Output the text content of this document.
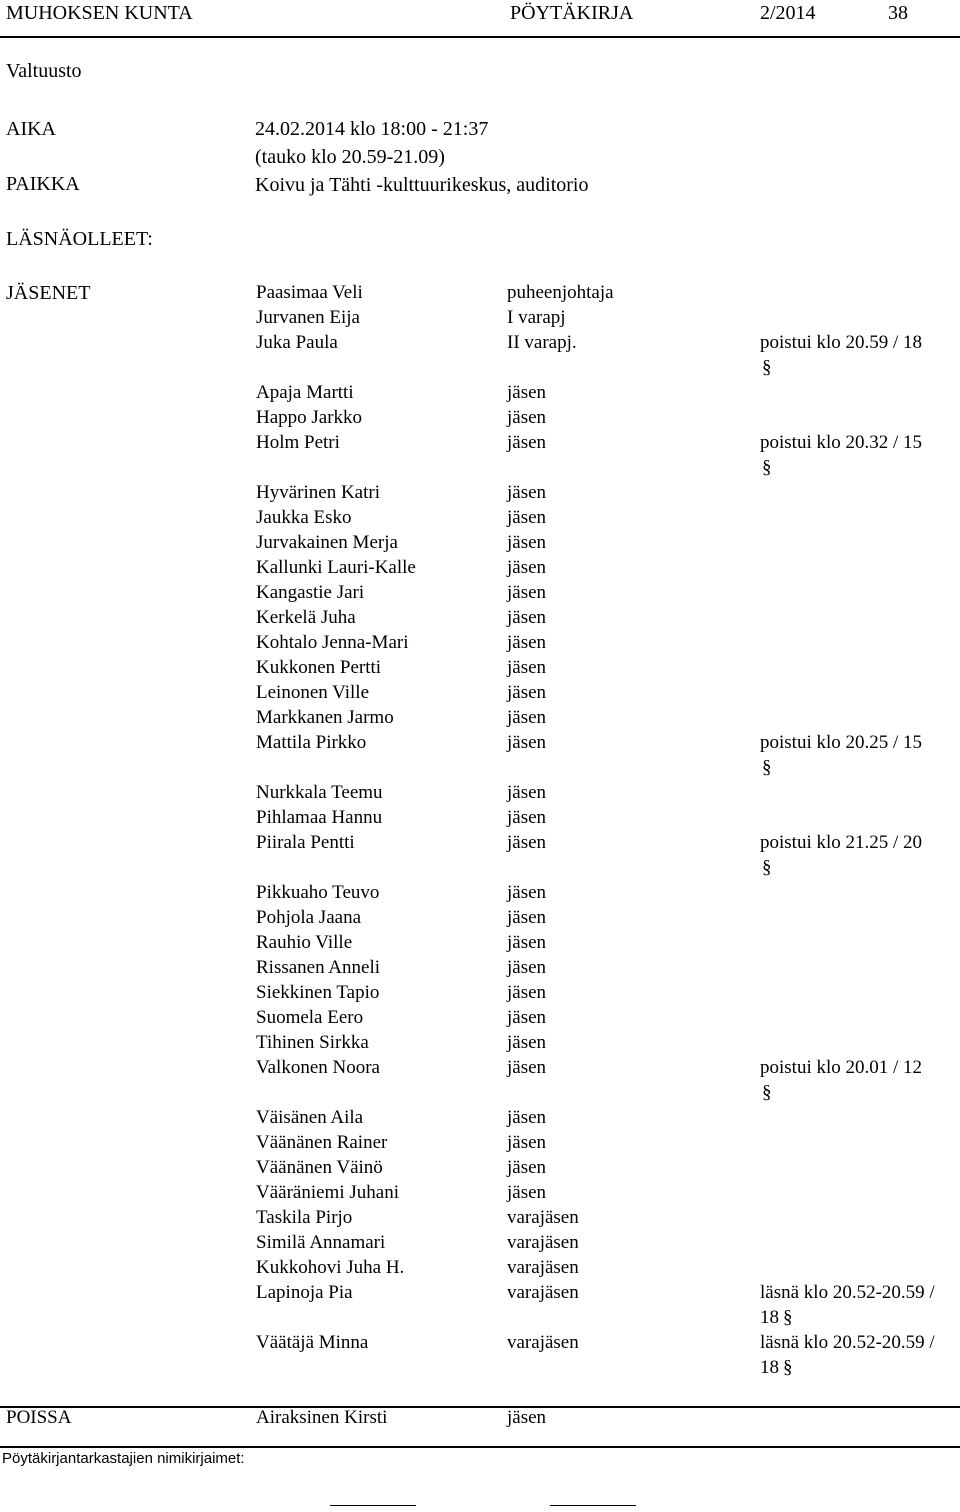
MUHOKSEN KUNTA	PÖYTÄKIRJA	2/2014	38
Valtuusto
AIKA	24.02.2014 klo 18:00 - 21:37
(tauko klo 20.59-21.09)
PAIKKA	Koivu ja Tähti -kulttuurikeskus, auditorio
LÄSNÄOLLEET:
JÄSENET	Paasimaa Veli	puheenjohtaja
Jurvanen Eija	I varapj
Juka Paula	II varapj.	poistui klo 20.59 / 18
§
Apaja Martti	jäsen
Happo Jarkko	jäsen
Holm Petri	jäsen	poistui klo 20.32 / 15
§
Hyvärinen Katri	jäsen
Jaukka Esko	jäsen
Jurvakainen Merja	jäsen
Kallunki Lauri-Kalle	jäsen
Kangastie Jari	jäsen
Kerkelä Juha	jäsen
Kohtalo Jenna-Mari	jäsen
Kukkonen Pertti	jäsen
Leinonen Ville	jäsen
Markkanen Jarmo	jäsen
Mattila Pirkko	jäsen	poistui klo 20.25 / 15
§
Nurkkala Teemu	jäsen
Pihlamaa Hannu	jäsen
Piirala Pentti	jäsen	poistui klo 21.25 / 20
§
Pikkuaho Teuvo	jäsen
Pohjola Jaana	jäsen
Rauhio Ville	jäsen
Rissanen Anneli	jäsen
Siekkinen Tapio	jäsen
Suomela Eero	jäsen
Tihinen Sirkka	jäsen
Valkonen Noora	jäsen	poistui klo 20.01 / 12
§
Väisänen Aila	jäsen
Väänänen Rainer	jäsen
Väänänen Väinö	jäsen
Vääräniemi Juhani	jäsen
Taskila Pirjo	varajäsen
Similä Annamari	varajäsen
Kukkohovi Juha H.	varajäsen
Lapinoja Pia	varajäsen	läsnä klo 20.52-20.59 / 18 §
Väätäjä Minna	varajäsen	läsnä klo 20.52-20.59 / 18 §
POISSA	Airaksinen Kirsti	jäsen
Pöytäkirjantarkastajien nimikirjaimet:
